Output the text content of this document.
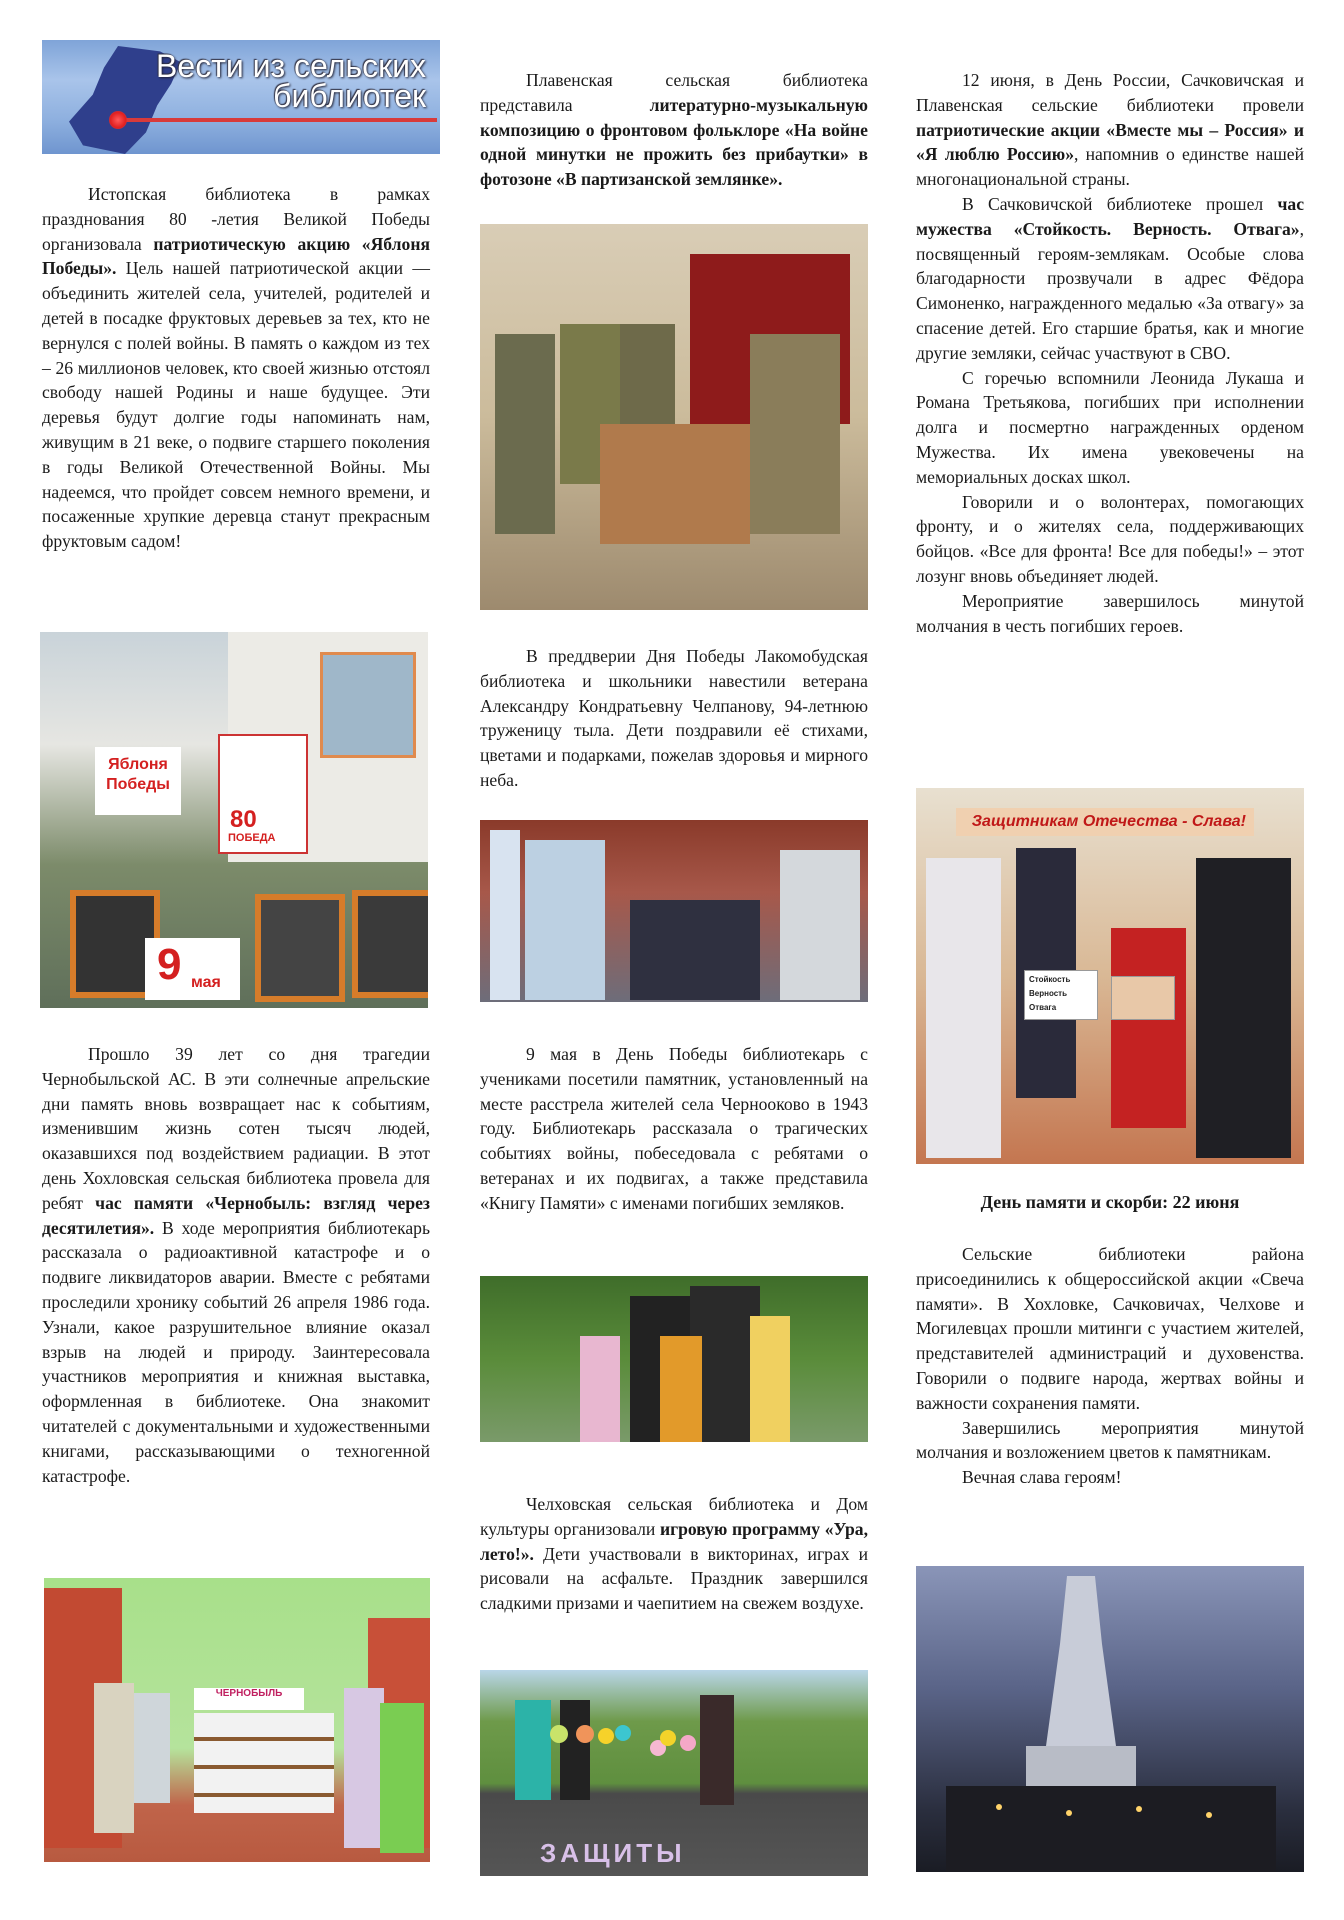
Вести из сельских
библиотек

Истопская библиотека в рамках празднования 80 -летия Великой Победы организовала патриотическую акцию «Яблоня Победы». Цель нашей патриотической акции — объединить жителей села, учителей, родителей и детей в посадке фруктовых деревьев за тех, кто не вернулся с полей войны. В память о каждом из тех – 26 миллионов человек, кто своей жизнью отстоял свободу нашей Родины и наше будущее. Эти деревья будут долгие годы напоминать нам, живущим в 21 веке, о подвиге старшего поколения в годы Великой Отечественной Войны. Мы надеемся, что пройдет совсем немного времени, и посаженные хрупкие деревца станут прекрасным фруктовым садом!

Яблоня Победы
80
ПОБЕДА
9 мая

Прошло 39 лет со дня трагедии Чернобыльской АС. В эти солнечные апрельские дни память вновь возвращает нас к событиям, изменившим жизнь сотен тысяч людей, оказавшихся под воздействием радиации. В этот день Хохловская сельская библиотека провела для ребят час памяти «Чернобыль: взгляд через десятилетия». В ходе мероприятия библиотекарь рассказала о радиоактивной катастрофе и о подвиге ликвидаторов аварии. Вместе с ребятами проследили хронику событий 26 апреля 1986 года. Узнали, какое разрушительное влияние оказал взрыв на людей и природу. Заинтересовала участников мероприятия и книжная выставка, оформленная в библиотеке. Она знакомит читателей с документальными и художественными книгами, рассказывающими о техногенной катастрофе.

ЧЕРНОБЫЛЬ

Плавенская сельская библиотека представила литературно-музыкальную композицию о фронтовом фольклоре «На войне одной минутки не прожить без прибаутки» в фотозоне «В партизанской землянке».

В преддверии Дня Победы Лакомобудская библиотека и школьники навестили ветерана Александру Кондратьевну Челпанову, 94-летнюю труженицу тыла. Дети поздравили её стихами, цветами и подарками, пожелав здоровья и мирного неба.

9 мая в День Победы библиотекарь с учениками посетили памятник, установленный на месте расстрела жителей села Чернооково в 1943 году. Библиотекарь рассказала о трагических событиях войны, побеседовала с ребятами о ветеранах и их подвигах, а также представила «Книгу Памяти» с именами погибших земляков.

Челховская сельская библиотека и Дом культуры организовали игровую программу «Ура, лето!». Дети участвовали в викторинах, играх и рисовали на асфальте. Праздник завершился сладкими призами и чаепитием на свежем воздухе.

ЗАЩИТЫ

12 июня, в День России, Сачковичская и Плавенская сельские библиотеки провели патриотические акции «Вместе мы – Россия» и «Я люблю Россию», напомнив о единстве нашей многонациональной страны.

В Сачковичской библиотеке прошел час мужества «Стойкость. Верность. Отвага», посвященный героям-землякам. Особые слова благодарности прозвучали в адрес Фёдора Симоненко, награжденного медалью «За отвагу» за спасение детей. Его старшие братья, как и многие другие земляки, сейчас участвуют в СВО.

С горечью вспомнили Леонида Лукаша и Романа Третьякова, погибших при исполнении долга и посмертно награжденных орденом Мужества. Их имена увековечены на мемориальных досках школ.

Говорили и о волонтерах, помогающих фронту, и о жителях села, поддерживающих бойцов. «Все для фронта! Все для победы!» – этот лозунг вновь объединяет людей.

Мероприятие завершилось минутой молчания в честь погибших героев.

Защитникам Отечества - Слава!
Стойкость
Верность
Отвага
День памяти и скорби: 22 июня

Сельские библиотеки района присоединились к общероссийской акции «Свеча памяти». В Хохловке, Сачковичах, Челхове и Могилевцах прошли митинги с участием жителей, представителей администраций и духовенства. Говорили о подвиге народа, жертвах войны и важности сохранения памяти.

Завершились мероприятия минутой молчания и возложением цветов к памятникам.

Вечная слава героям!
